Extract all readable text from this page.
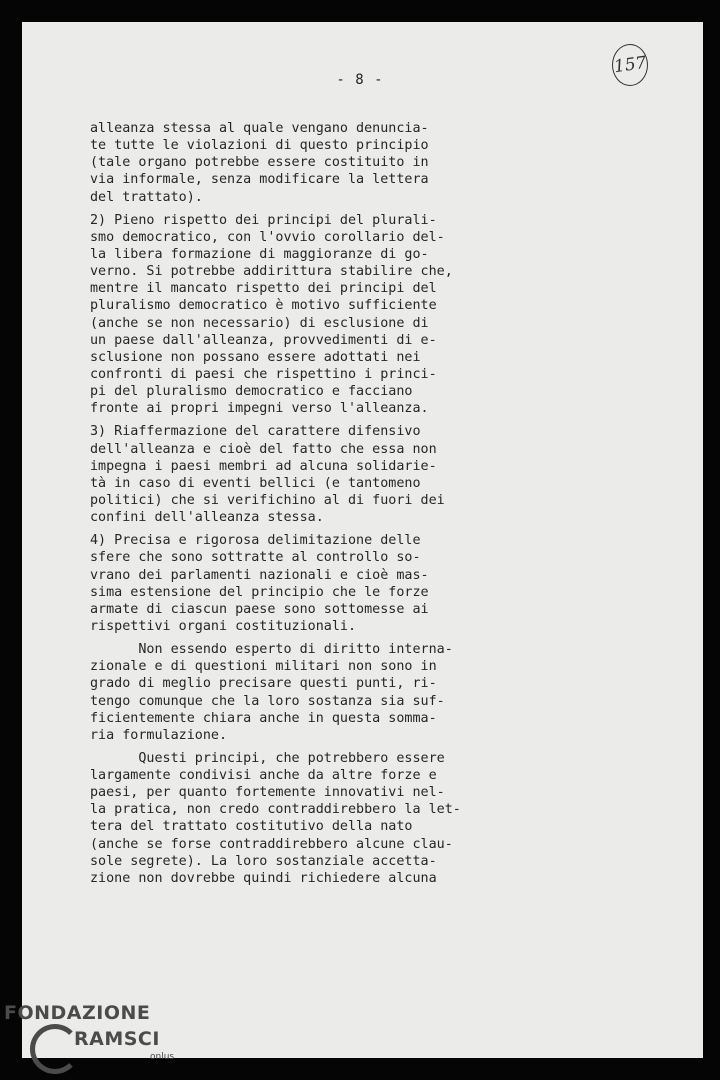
- 8 -
157
alleanza stessa al quale vengano denuncia-
te tutte le violazioni di questo principio
(tale organo potrebbe essere costituito in
via informale, senza modificare la lettera
del trattato).
2) Pieno rispetto dei principi del plurali-
smo democratico, con l'ovvio corollario del-
la libera formazione di maggioranze di go-
verno. Si potrebbe addirittura stabilire che,
mentre il mancato rispetto dei principi del
pluralismo democratico è motivo sufficiente
(anche se non necessario) di esclusione di
un paese dall'alleanza, provvedimenti di e-
sclusione non possano essere adottati nei
confronti di paesi che rispettino i princi-
pi del pluralismo democratico e facciano
fronte ai propri impegni verso l'alleanza.
3) Riaffermazione del carattere difensivo
dell'alleanza e cioè del fatto che essa non
impegna i paesi membri ad alcuna solidarie-
tà in caso di eventi bellici (e tantomeno
politici) che si verifichino al di fuori dei
confini dell'alleanza stessa.
4) Precisa e rigorosa delimitazione delle
sfere che sono sottratte al controllo so-
vrano dei parlamenti nazionali e cioè mas-
sima estensione del principio che le forze
armate di ciascun paese sono sottomesse ai
rispettivi organi costituzionali.
Non essendo esperto di diritto interna-
zionale e di questioni militari non sono in
grado di meglio precisare questi punti, ri-
tengo comunque che la loro sostanza sia suf-
ficientemente chiara anche in questa somma-
ria formulazione.
Questi principi, che potrebbero essere
largamente condivisi anche da altre forze e
paesi, per quanto fortemente innovativi nel-
la pratica, non credo contraddirebbero la let-
tera del trattato costitutivo della nato
(anche se forse contraddirebbero alcune clau-
sole segrete). La loro sostanziale accetta-
zione non dovrebbe quindi richiedere alcuna
FONDAZIONE
RAMSCI
onlus
